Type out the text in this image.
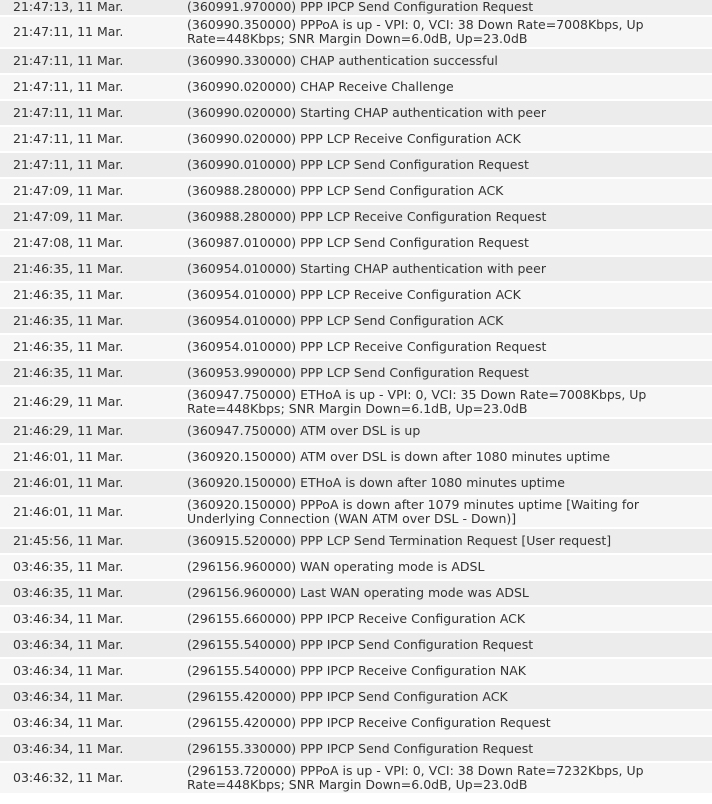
21:47:13, 11 Mar.	(360991.970000) PPP IPCP Send Configuration Request
21:47:11, 11 Mar.	(360990.350000) PPPoA is up - VPI: 0, VCI: 38 Down Rate=7008Kbps, Up Rate=448Kbps; SNR Margin Down=6.0dB, Up=23.0dB
21:47:11, 11 Mar.	(360990.330000) CHAP authentication successful
21:47:11, 11 Mar.	(360990.020000) CHAP Receive Challenge
21:47:11, 11 Mar.	(360990.020000) Starting CHAP authentication with peer
21:47:11, 11 Mar.	(360990.020000) PPP LCP Receive Configuration ACK
21:47:11, 11 Mar.	(360990.010000) PPP LCP Send Configuration Request
21:47:09, 11 Mar.	(360988.280000) PPP LCP Send Configuration ACK
21:47:09, 11 Mar.	(360988.280000) PPP LCP Receive Configuration Request
21:47:08, 11 Mar.	(360987.010000) PPP LCP Send Configuration Request
21:46:35, 11 Mar.	(360954.010000) Starting CHAP authentication with peer
21:46:35, 11 Mar.	(360954.010000) PPP LCP Receive Configuration ACK
21:46:35, 11 Mar.	(360954.010000) PPP LCP Send Configuration ACK
21:46:35, 11 Mar.	(360954.010000) PPP LCP Receive Configuration Request
21:46:35, 11 Mar.	(360953.990000) PPP LCP Send Configuration Request
21:46:29, 11 Mar.	(360947.750000) ETHoA is up - VPI: 0, VCI: 35 Down Rate=7008Kbps, Up Rate=448Kbps; SNR Margin Down=6.1dB, Up=23.0dB
21:46:29, 11 Mar.	(360947.750000) ATM over DSL is up
21:46:01, 11 Mar.	(360920.150000) ATM over DSL is down after 1080 minutes uptime
21:46:01, 11 Mar.	(360920.150000) ETHoA is down after 1080 minutes uptime
21:46:01, 11 Mar.	(360920.150000) PPPoA is down after 1079 minutes uptime [Waiting for Underlying Connection (WAN ATM over DSL - Down)]
21:45:56, 11 Mar.	(360915.520000) PPP LCP Send Termination Request [User request]
03:46:35, 11 Mar.	(296156.960000) WAN operating mode is ADSL
03:46:35, 11 Mar.	(296156.960000) Last WAN operating mode was ADSL
03:46:34, 11 Mar.	(296155.660000) PPP IPCP Receive Configuration ACK
03:46:34, 11 Mar.	(296155.540000) PPP IPCP Send Configuration Request
03:46:34, 11 Mar.	(296155.540000) PPP IPCP Receive Configuration NAK
03:46:34, 11 Mar.	(296155.420000) PPP IPCP Send Configuration ACK
03:46:34, 11 Mar.	(296155.420000) PPP IPCP Receive Configuration Request
03:46:34, 11 Mar.	(296155.330000) PPP IPCP Send Configuration Request
03:46:32, 11 Mar.	(296153.720000) PPPoA is up - VPI: 0, VCI: 38 Down Rate=7232Kbps, Up Rate=448Kbps; SNR Margin Down=6.0dB, Up=23.0dB
